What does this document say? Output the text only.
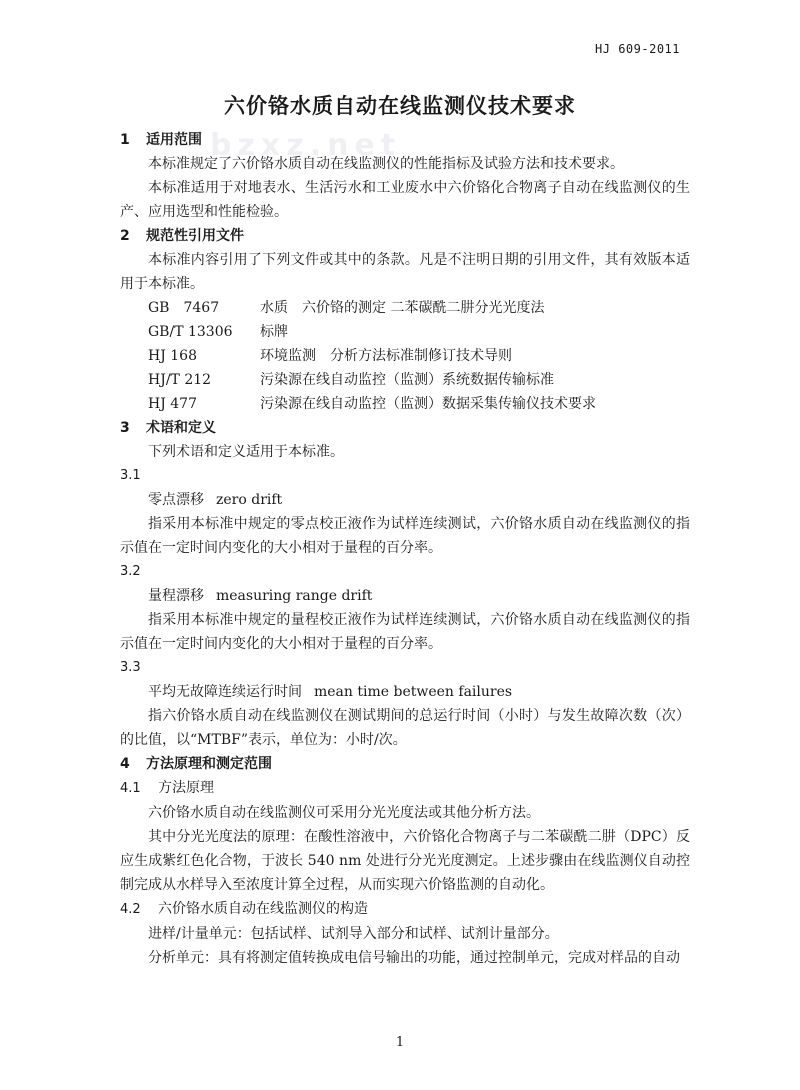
bzxz.net
HJ 609-2011
六价铬水质自动在线监测仪技术要求
1 适用范围
本标准规定了六价铬水质自动在线监测仪的性能指标及试验方法和技术要求。
本标准适用于对地表水、生活污水和工业废水中六价铬化合物离子自动在线监测仪的生产、应用选型和性能检验。
2 规范性引用文件
本标准内容引用了下列文件或其中的条款。凡是不注明日期的引用文件，其有效版本适用于本标准。
GB　7467	水质　六价铬的测定 二苯碳酰二肼分光光度法
GB/T 13306	标牌
HJ 168	环境监测　分析方法标准制修订技术导则
HJ/T 212	污染源在线自动监控（监测）系统数据传输标准
HJ 477	污染源在线自动监控（监测）数据采集传输仪技术要求
3 术语和定义
下列术语和定义适用于本标准。
3.1
零点漂移 zero drift
指采用本标准中规定的零点校正液作为试样连续测试，六价铬水质自动在线监测仪的指示值在一定时间内变化的大小相对于量程的百分率。
3.2
量程漂移 measuring range drift
指采用本标准中规定的量程校正液作为试样连续测试，六价铬水质自动在线监测仪的指示值在一定时间内变化的大小相对于量程的百分率。
3.3
平均无故障连续运行时间 mean time between failures
指六价铬水质自动在线监测仪在测试期间的总运行时间（小时）与发生故障次数（次）的比值，以“MTBF”表示，单位为：小时/次。
4 方法原理和测定范围
4.1 方法原理
六价铬水质自动在线监测仪可采用分光光度法或其他分析方法。
其中分光光度法的原理：在酸性溶液中，六价铬化合物离子与二苯碳酰二肼（DPC）反应生成紫红色化合物，于波长 540 nm 处进行分光光度测定。上述步骤由在线监测仪自动控制完成从水样导入至浓度计算全过程，从而实现六价铬监测的自动化。
4.2 六价铬水质自动在线监测仪的构造
进样/计量单元：包括试样、试剂导入部分和试样、试剂计量部分。
分析单元：具有将测定值转换成电信号输出的功能，通过控制单元，完成对样品的自动
1
